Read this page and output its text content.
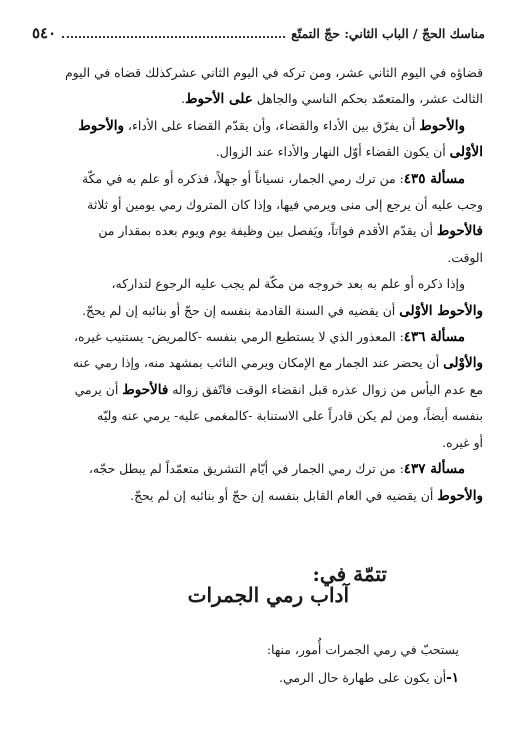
مناسك الحجّ / الباب الثاني: حجّ التمتّع
٥٤٠

قضاؤه في اليوم الثاني عشر، ومن تركه في اليوم الثاني عشركذلك قضاه في اليوم
الثالث عشر، والمتعمّد بحكم الناسي والجاهل على الأحوط.

والأحوط أن يفرّق بين الأداء والقضاء، وأن يقدّم القضاء على الأداء، والأحوط
الأوْلى أن يكون القضاء أوّل النهار والأداء عند الزوال.

مسألة ٤٣٥: من ترك رمي الجمار، نسياناً أو جهلاً، فذكره أو علم به في مكّة
وجب عليه أن يرجع إلى منى ويرمي فيها، وإذا كان المتروك رمي يومين أو ثلاثة
فالأحوط أن يقدّم الأقدم فواتاً، ويَفصل بين وظيفة يوم ويوم بعده بمقدار من
الوقت.

وإذا ذكره أو علم به بعد خروجه من مكّة لم يجب عليه الرجوع لتداركه،
والأحوط الأوْلى أن يقضيه في السنة القادمة بنفسه إن حجّ أو بنائبه إن لم يحجّ.

مسألة ٤٣٦: المعذور الذي لا يستطيع الرمي بنفسه -كالمريض- يستنيب غيره،
والأوْلى أن يحضر عند الجمار مع الإمكان ويرمي النائب بمشهد منه، وإذا رمي عنه
مع عدم اليأس من زوال عذره قبل انقضاء الوقت فاتّفق زواله فالأحوط أن يرمي
بنفسه أيضاً، ومن لم يكن قادراً على الاستنابة -كالمغمى عليه- يرمي عنه وليّه
أو غيره.

مسألة ٤٣٧: من ترك رمي الجمار في أيّام التشريق متعمّداً لم يبطل حجّه،
والأحوط أن يقضيه في العام القابل بنفسه إن حجّ أو بنائبه إن لم يحجّ.

تتمّة في:
آداب رمي الجمرات
يستحبّ في رمي الجمرات أُمور، منها:
١-أن يكون على طهارة حال الرمي.
